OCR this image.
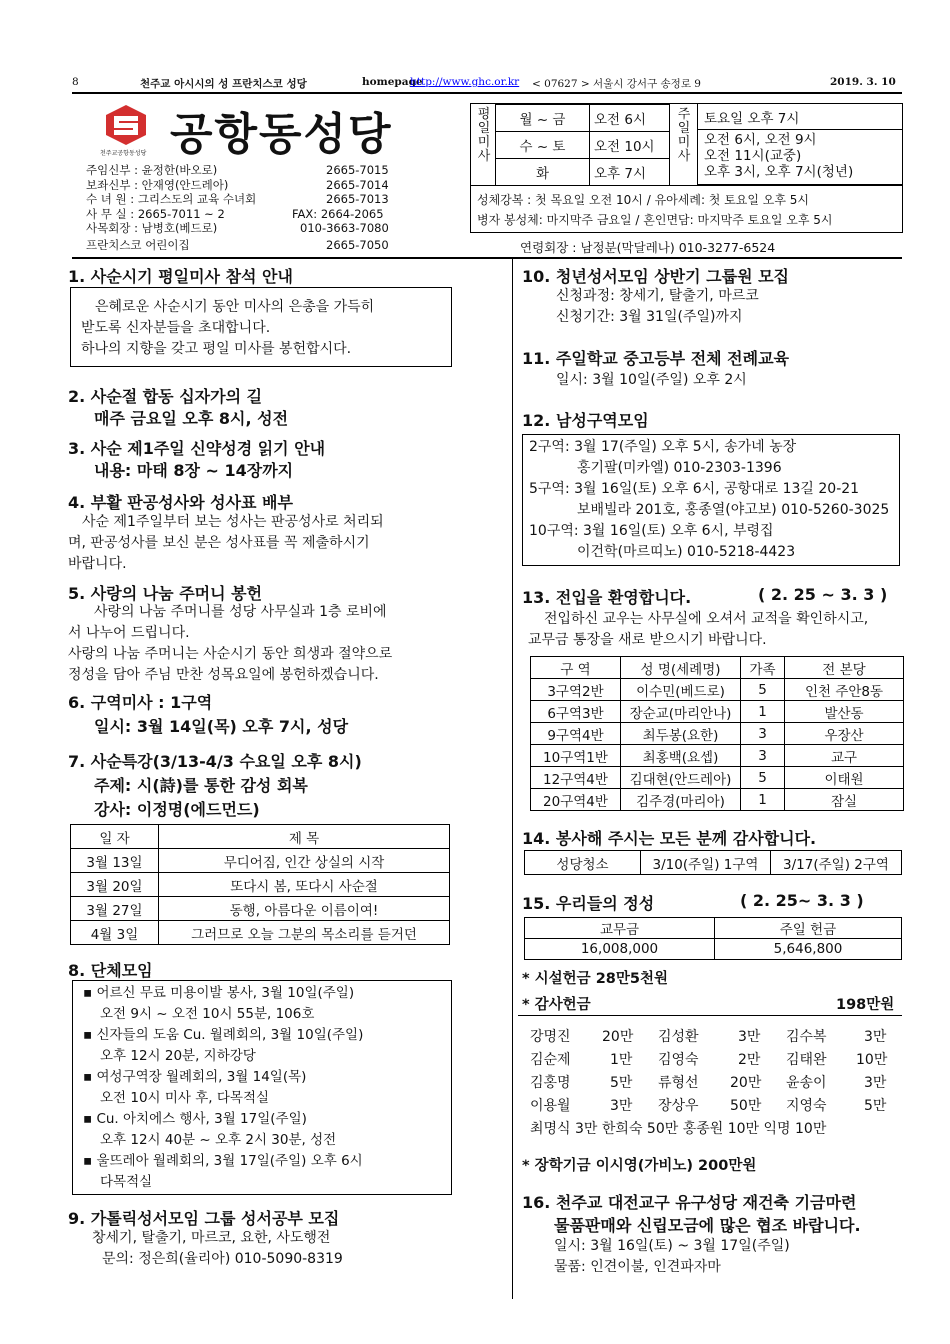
8	천주교 아시시의 성 프란치스코 성당	homepage
http://www.ghc.or.kr < 07627 > 서울시 강서구 송정로 9	2019. 3. 10
천주교공항동성당 공항동성당
주임신부 : 윤정한(바오로)	2665-7015
보좌신부 : 안재영(안드레아)	2665-7014
수 녀 원 : 그리스도의 교육 수녀회	2665-7013
사 무 실 : 2665-7011 ~ 2	FAX: 2664-2065
사목회장 : 남병호(베드로)	010-3663-7080
프란치스코 어린이집	2665-7050
평
일
미
사
월 ~ 금	오전 6시
수 ~ 토	오전 10시
화	오후 7시
주
일
미
사
토요일 오후 7시
오전 6시, 오전 9시
오전 11시(교중)
오후 3시, 오후 7시(청년)
성체강복 : 첫 목요일 오전 10시 / 유아세례: 첫 토요일 오후 5시
병자 봉성체: 마지막주 금요일 / 혼인면담: 마지막주 토요일 오후 5시
연령회장 : 남정분(막달레나) 010-3277-6524
1. 사순시기 평일미사 참석 안내
은혜로운 사순시기 동안 미사의 은총을 가득히
받도록 신자분들을 초대합니다.
하나의 지향을 갖고 평일 미사를 봉헌합시다.
2. 사순절 합동 십자가의 길
매주 금요일 오후 8시, 성전
3. 사순 제1주일 신약성경 읽기 안내
내용: 마태 8장 ~ 14장까지
4. 부활 판공성사와 성사표 배부
사순 제1주일부터 보는 성사는 판공성사로 처리되
며, 판공성사를 보신 분은 성사표를 꼭 제출하시기
바랍니다.
5. 사랑의 나눔 주머니 봉헌
사랑의 나눔 주머니를 성당 사무실과 1층 로비에
서 나누어 드립니다.
사랑의 나눔 주머니는 사순시기 동안 희생과 절약으로
정성을 담아 주님 만찬 성목요일에 봉헌하겠습니다.
6. 구역미사 : 1구역
일시: 3월 14일(목) 오후 7시, 성당
7. 사순특강(3/13-4/3 수요일 오후 8시)
주제: 시(詩)를 통한 감성 회복
강사: 이정명(에드먼드)
일 자	제 목
3월 13일	무디어짐, 인간 상실의 시작
3월 20일	또다시 봄, 또다시 사순절
3월 27일	동행, 아름다운 이름이여!
4월 3일	그러므로 오늘 그분의 목소리를 듣거던
8. 단체모임
▪ 어르신 무료 미용이발 봉사, 3월 10일(주일)
오전 9시 ~ 오전 10시 55분, 106호
▪ 신자들의 도움 Cu. 월례회의, 3월 10일(주일)
오후 12시 20분, 지하강당
▪ 여성구역장 월례회의, 3월 14일(목)
오전 10시 미사 후, 다목적실
▪ Cu. 아치에스 행사, 3월 17일(주일)
오후 12시 40분 ~ 오후 2시 30분, 성전
▪ 울뜨레아 월례회의, 3월 17일(주일) 오후 6시
다목적실
9. 가톨릭성서모임 그룹 성서공부 모집
창세기, 탈출기, 마르코, 요한, 사도행전
문의: 정은희(율리아) 010-5090-8319
10. 청년성서모임 상반기 그룹원 모집
신청과정: 창세기, 탈출기, 마르코
신청기간: 3월 31일(주일)까지
11. 주일학교 중고등부 전체 전례교육
일시: 3월 10일(주일) 오후 2시
12. 남성구역모임
2구역: 3월 17(주일) 오후 5시, 송가네 농장
홍기팔(미카엘) 010-2303-1396
5구역: 3월 16일(토) 오후 6시, 공항대로 13길 20-21
보배빌라 201호, 홍종열(야고보) 010-5260-3025
10구역: 3월 16일(토) 오후 6시, 부령집
이건학(마르띠노) 010-5218-4423
13. 전입을 환영합니다.	( 2. 25 ~ 3. 3 )
전입하신 교우는 사무실에 오셔서 교적을 확인하시고,
교무금 통장을 새로 받으시기 바랍니다.
구 역	성 명(세례명)	가족	전 본당
3구역2반	이수민(베드로)	5	인천 주안8동
6구역3반	장순교(마리안나)	1	발산동
9구역4반	최두봉(요한)	3	우장산
10구역1반	최홍백(요셉)	3	교구
12구역4반	김대현(안드레아)	5	이태원
20구역4반	김주경(마리아)	1	잠실
14. 봉사해 주시는 모든 분께 감사합니다.
성당청소	3/10(주일) 1구역	3/17(주일) 2구역
15. 우리들의 정성	( 2. 25~ 3. 3 )
교무금	주일 헌금
16,008,000	5,646,800
* 시설헌금 28만5천원
* 감사헌금	198만원
강명진 20만 김성환	3만 김수복	3만
김순제	1만 김영숙	2만 김태완 10만
김홍명	5만 류형선 20만 윤송이	3만
이용월	3만 장상우 50만 지영숙	5만
최명식 3만 한희숙 50만 홍종원 10만 익명 10만
* 장학기금 이시영(가비노) 200만원
16. 천주교 대전교구 유구성당 재건축 기금마련
물품판매와 신립모금에 많은 협조 바랍니다.
일시: 3월 16일(토) ~ 3월 17일(주일)
물품: 인견이불, 인견파자마
